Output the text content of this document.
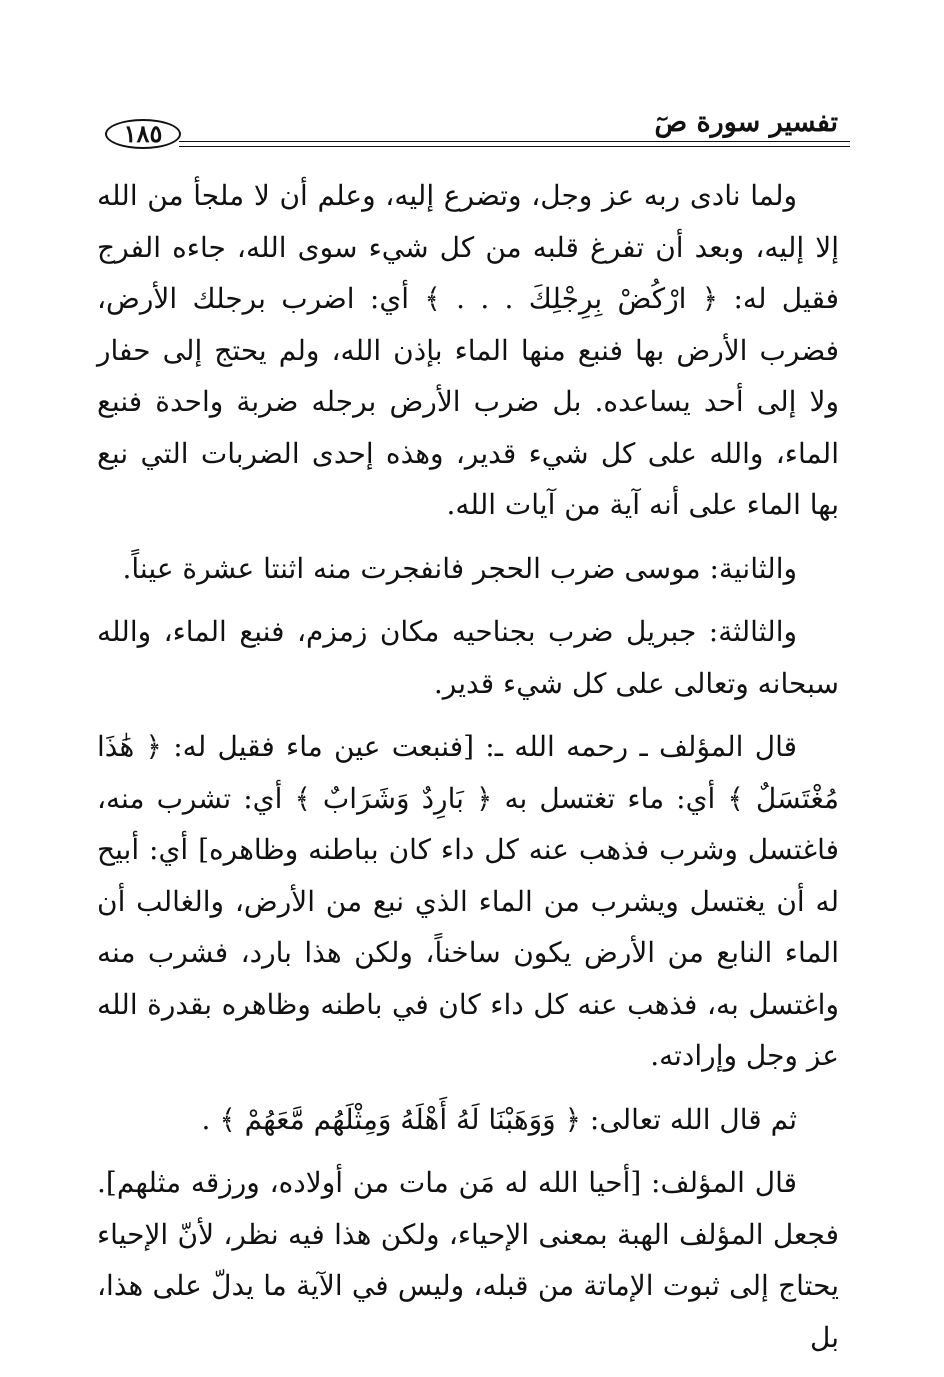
تفسير سورة صٓ
١٨٥

ولما نادى ربه عز وجل، وتضرع إليه، وعلم أن لا ملجأ من الله إلا إليه، وبعد أن تفرغ قلبه من كل شيء سوى الله، جاءه الفرج فقيل له: ﴿ ارْكُضْ بِرِجْلِكَ . . . ﴾ أي: اضرب برجلك الأرض، فضرب الأرض بها فنبع منها الماء بإذن الله، ولم يحتج إلى حفار ولا إلى أحد يساعده. بل ضرب الأرض برجله ضربة واحدة فنبع الماء، والله على كل شيء قدير، وهذه إحدى الضربات التي نبع بها الماء على أنه آية من آيات الله.

والثانية: موسى ضرب الحجر فانفجرت منه اثنتا عشرة عيناً.

والثالثة: جبريل ضرب بجناحيه مكان زمزم، فنبع الماء، والله سبحانه وتعالى على كل شيء قدير.

قال المؤلف ـ رحمه الله ـ: [فنبعت عين ماء فقيل له: ﴿ هَٰذَا مُغْتَسَلٌ ﴾ أي: ماء تغتسل به ﴿ بَارِدٌ وَشَرَابٌ ﴾ أي: تشرب منه، فاغتسل وشرب فذهب عنه كل داء كان بباطنه وظاهره] أي: أبيح له أن يغتسل ويشرب من الماء الذي نبع من الأرض، والغالب أن الماء النابع من الأرض يكون ساخناً، ولكن هذا بارد، فشرب منه واغتسل به، فذهب عنه كل داء كان في باطنه وظاهره بقدرة الله عز وجل وإرادته.

ثم قال الله تعالى: ﴿ وَوَهَبْنَا لَهُ أَهْلَهُ وَمِثْلَهُم مَّعَهُمْ ﴾ .

قال المؤلف: [أحيا الله له مَن مات من أولاده، ورزقه مثلهم]. فجعل المؤلف الهبة بمعنى الإحياء، ولكن هذا فيه نظر، لأنّ الإحياء يحتاج إلى ثبوت الإماتة من قبله، وليس في الآية ما يدلّ على هذا، بل
